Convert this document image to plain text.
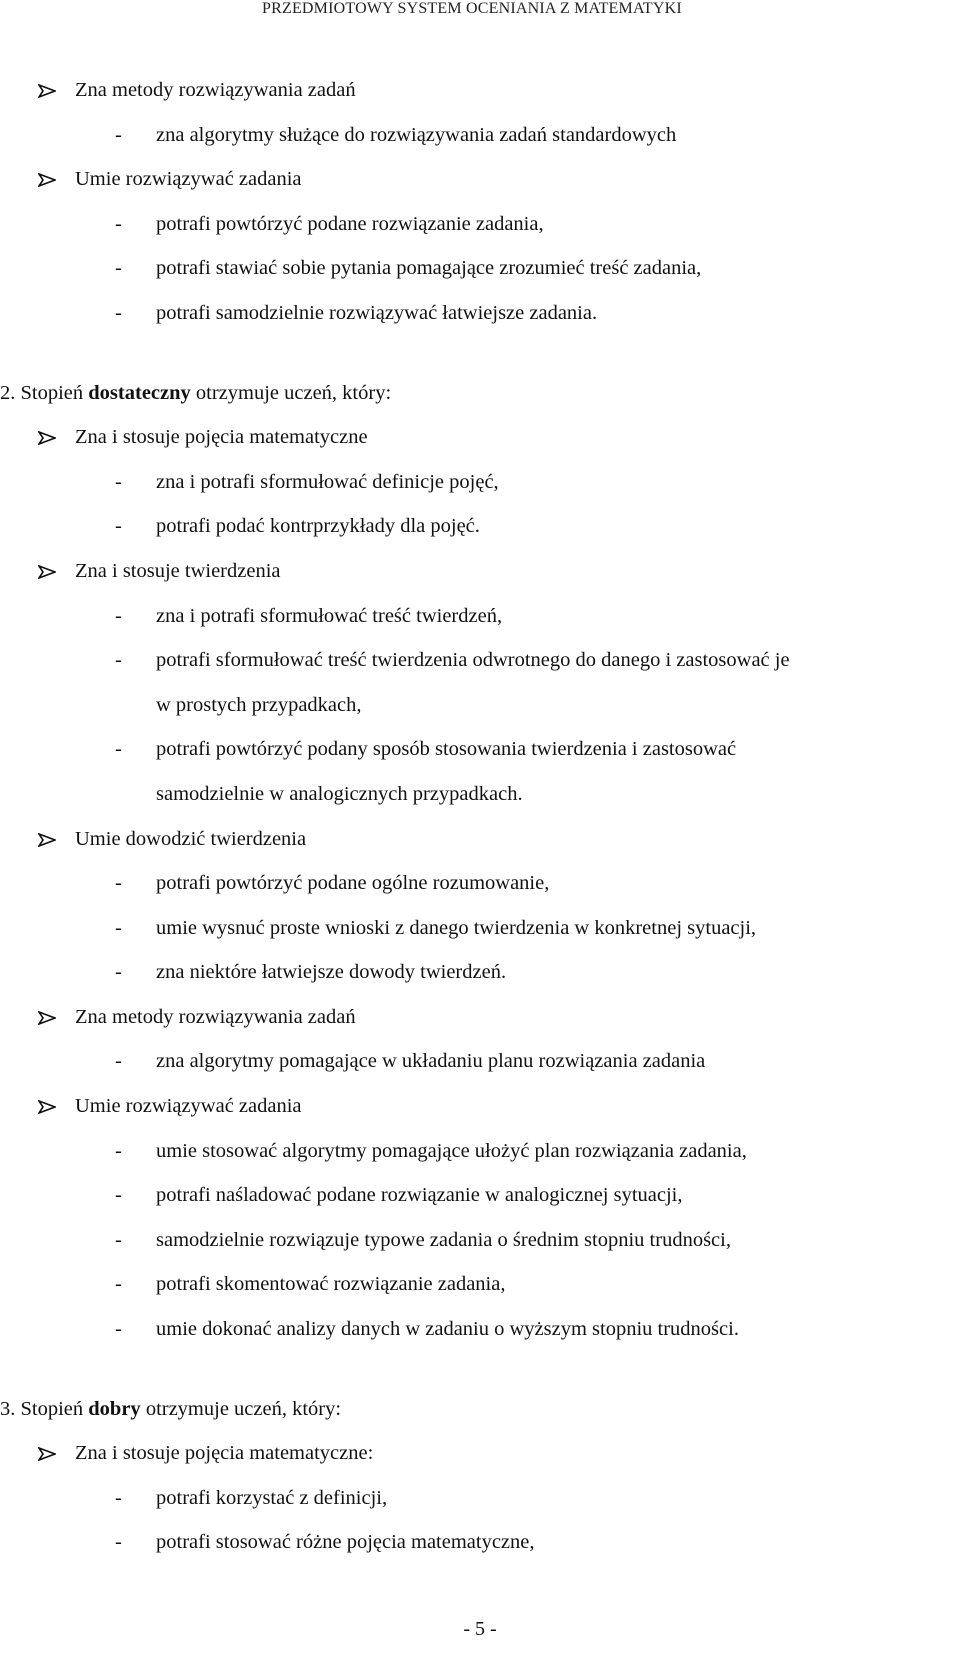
PRZEDMIOTOWY SYSTEM OCENIANIA Z MATEMATYKI
Zna metody rozwiązywania zadań
- zna algorytmy służące do rozwiązywania zadań standardowych
Umie rozwiązywać zadania
- potrafi powtórzyć podane rozwiązanie zadania,
- potrafi stawiać sobie pytania pomagające zrozumieć treść zadania,
- potrafi samodzielnie rozwiązywać łatwiejsze zadania.
2. Stopień dostateczny otrzymuje uczeń, który:
Zna i stosuje pojęcia matematyczne
- zna i potrafi sformułować definicje pojęć,
- potrafi podać kontrprzykłady dla pojęć.
Zna i stosuje twierdzenia
- zna i potrafi sformułować treść twierdzeń,
- potrafi sformułować treść twierdzenia odwrotnego do danego i zastosować je
w prostych przypadkach,
- potrafi powtórzyć podany sposób stosowania twierdzenia i zastosować
samodzielnie w analogicznych przypadkach.
Umie dowodzić twierdzenia
- potrafi powtórzyć podane ogólne rozumowanie,
- umie wysnuć proste wnioski z danego twierdzenia w konkretnej sytuacji,
- zna niektóre łatwiejsze dowody twierdzeń.
Zna metody rozwiązywania zadań
- zna algorytmy pomagające w układaniu planu rozwiązania zadania
Umie rozwiązywać zadania
- umie stosować algorytmy pomagające ułożyć plan rozwiązania zadania,
- potrafi naśladować podane rozwiązanie w analogicznej sytuacji,
- samodzielnie rozwiązuje typowe zadania o średnim stopniu trudności,
- potrafi skomentować rozwiązanie zadania,
- umie dokonać analizy danych w zadaniu o wyższym stopniu trudności.
3. Stopień dobry otrzymuje uczeń, który:
Zna i stosuje pojęcia matematyczne:
- potrafi korzystać z definicji,
- potrafi stosować różne pojęcia matematyczne,
- 5 -
